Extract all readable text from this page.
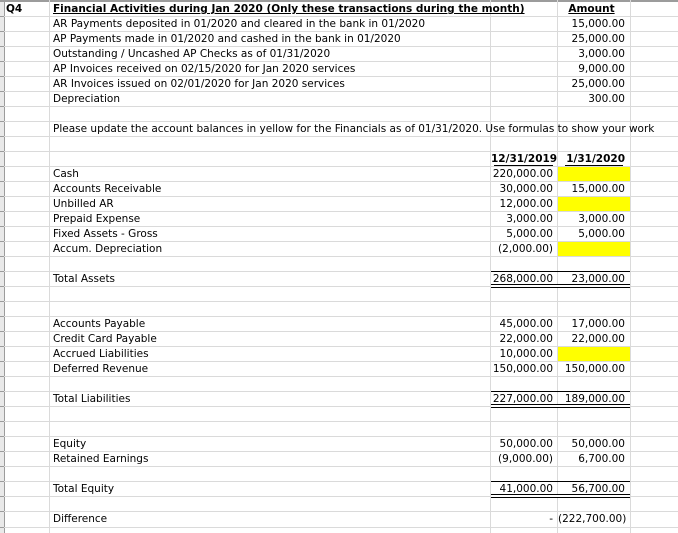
Q4	Financial Activities during Jan 2020 (Only these transactions during the month)	Amount
AR Payments deposited in 01/2020 and cleared in the bank in 01/2020	15,000.00
AP Payments made in 01/2020 and cashed in the bank in 01/2020	25,000.00
Outstanding / Uncashed AP Checks as of 01/31/2020	3,000.00
AP Invoices received on 02/15/2020 for Jan 2020 services	9,000.00
AR Invoices issued on 02/01/2020 for Jan 2020 services	25,000.00
Depreciation	300.00
Please update the account balances in yellow for the Financials as of 01/31/2020. Use formulas to show your work
12/31/2019 1/31/2020
Cash	220,000.00
Accounts Receivable	30,000.00	15,000.00
Unbilled AR	12,000.00
Prepaid Expense	3,000.00	3,000.00
Fixed Assets - Gross	5,000.00	5,000.00
Accum. Depreciation	(2,000.00)
Total Assets	268,000.00	23,000.00
Accounts Payable	45,000.00	17,000.00
Credit Card Payable	22,000.00	22,000.00
Accrued Liabilities	10,000.00
Deferred Revenue	150,000.00	150,000.00
Total Liabilities	227,000.00	189,000.00
Equity	50,000.00	50,000.00
Retained Earnings	(9,000.00)	6,700.00
Total Equity	41,000.00	56,700.00
Difference	- (222,700.00)
